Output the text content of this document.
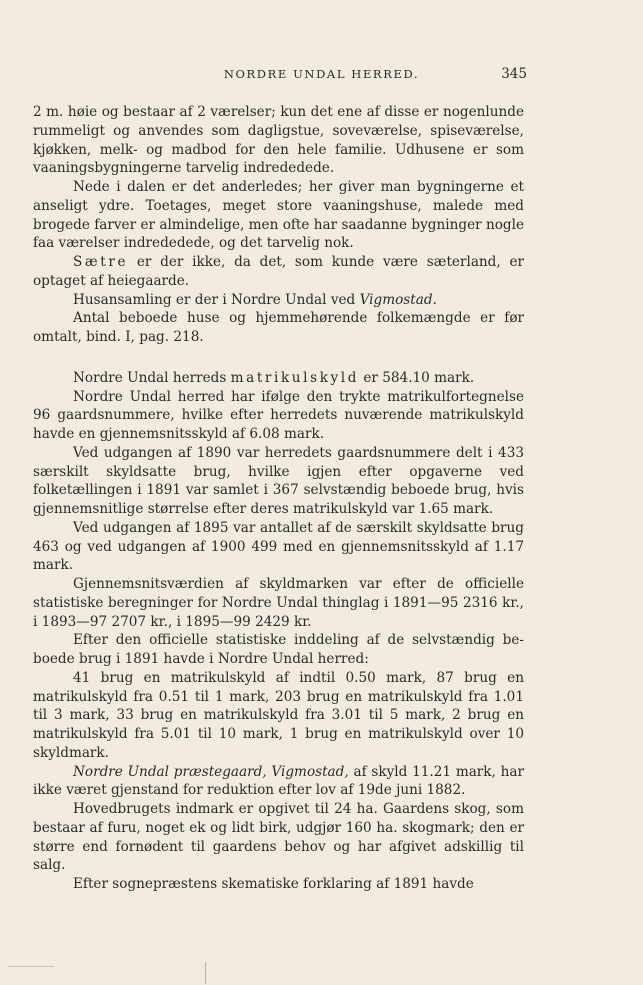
NORDRE UNDAL HERRED.	345

2 m. høie og bestaar af 2 værelser; kun det ene af disse er nogenlunde rummeligt og anvendes som dagligstue, soveværelse, spiseværelse, kjøkken, melk- og madbod for den hele familie. Udhusene er som vaaningsbygningerne tarvelig indrededede.

Nede i dalen er det anderledes; her giver man bygningerne et anseligt ydre. Toetages, meget store vaaningshuse, malede med brogede farver er almindelige, men ofte har saadanne bygninger nogle faa værelser indrededede, og det tarvelig nok.

Sætre er der ikke, da det, som kunde være sæterland, er optaget af heiegaarde.

Husansamling er der i Nordre Undal ved Vigmostad.

Antal beboede huse og hjemmehørende folkemængde er før omtalt, bind. I, pag. 218.

Nordre Undal herreds matrikulskyld er 584.10 mark.

Nordre Undal herred har ifølge den trykte matrikulfortegnelse 96 gaardsnummere, hvilke efter herredets nuværende matrikulskyld havde en gjennemsnitsskyld af 6.08 mark.

Ved udgangen af 1890 var herredets gaardsnummere delt i 433 særskilt skyldsatte brug, hvilke igjen efter opgaverne ved folketællingen i 1891 var samlet i 367 selvstændig beboede brug, hvis gjennemsnitlige størrelse efter deres matrikulskyld var 1.65 mark.

Ved udgangen af 1895 var antallet af de særskilt skyldsatte brug 463 og ved udgangen af 1900 499 med en gjennemsnitsskyld af 1.17 mark.

Gjennemsnitsværdien af skyldmarken var efter de officielle statistiske beregninger for Nordre Undal thinglag i 1891—95 2316 kr., i 1893—97 2707 kr., i 1895—99 2429 kr.

Efter den officielle statistiske inddeling af de selvstændig beboede brug i 1891 havde i Nordre Undal herred:

41 brug en matrikulskyld af indtil 0.50 mark, 87 brug en matrikulskyld fra 0.51 til 1 mark, 203 brug en matrikulskyld fra 1.01 til 3 mark, 33 brug en matrikulskyld fra 3.01 til 5 mark, 2 brug en matrikulskyld fra 5.01 til 10 mark, 1 brug en matrikulskyld over 10 skyldmark.

Nordre Undal præstegaard, Vigmostad, af skyld 11.21 mark, har ikke været gjenstand for reduktion efter lov af 19de juni 1882.

Hovedbrugets indmark er opgivet til 24 ha. Gaardens skog, som bestaar af furu, noget ek og lidt birk, udgjør 160 ha. skogmark; den er større end fornødent til gaardens behov og har afgivet adskillig til salg.

Efter sognepræstens skematiske forklaring af 1891 havde
